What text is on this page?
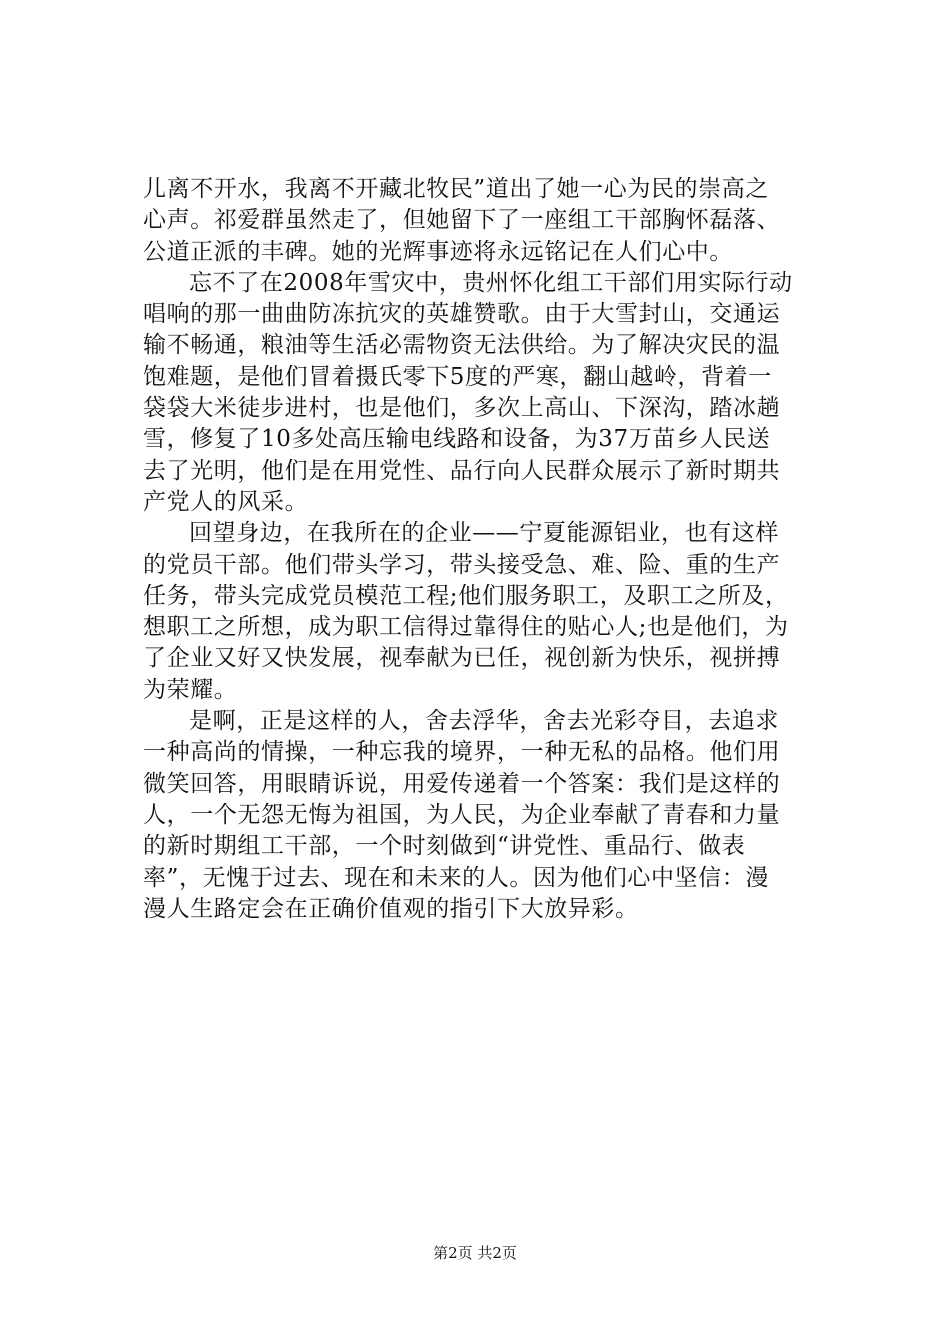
儿离不开水，我离不开藏北牧民”道出了她一心为民的崇高之
心声。祁爱群虽然走了，但她留下了一座组工干部胸怀磊落、
公道正派的丰碑。她的光辉事迹将永远铭记在人们心中。
忘不了在2008年雪灾中，贵州怀化组工干部们用实际行动
唱响的那一曲曲防冻抗灾的英雄赞歌。由于大雪封山，交通运
输不畅通，粮油等生活必需物资无法供给。为了解决灾民的温
饱难题，是他们冒着摄氏零下5度的严寒，翻山越岭，背着一
袋袋大米徒步进村，也是他们，多次上高山、下深沟，踏冰趟
雪，修复了10多处高压输电线路和设备，为37万苗乡人民送
去了光明，他们是在用党性、品行向人民群众展示了新时期共
产党人的风采。
回望身边，在我所在的企业——宁夏能源铝业，也有这样
的党员干部。他们带头学习，带头接受急、难、险、重的生产
任务，带头完成党员模范工程;他们服务职工，及职工之所及，
想职工之所想，成为职工信得过靠得住的贴心人;也是他们，为
了企业又好又快发展，视奉献为已任，视创新为快乐，视拼搏
为荣耀。
是啊，正是这样的人，舍去浮华，舍去光彩夺目，去追求
一种高尚的情操，一种忘我的境界，一种无私的品格。他们用
微笑回答，用眼睛诉说，用爱传递着一个答案：我们是这样的
人，一个无怨无悔为祖国，为人民，为企业奉献了青春和力量
的新时期组工干部，一个时刻做到“讲党性、重品行、做表
率”，无愧于过去、现在和未来的人。因为他们心中坚信：漫
漫人生路定会在正确价值观的指引下大放异彩。
第2页 共2页
